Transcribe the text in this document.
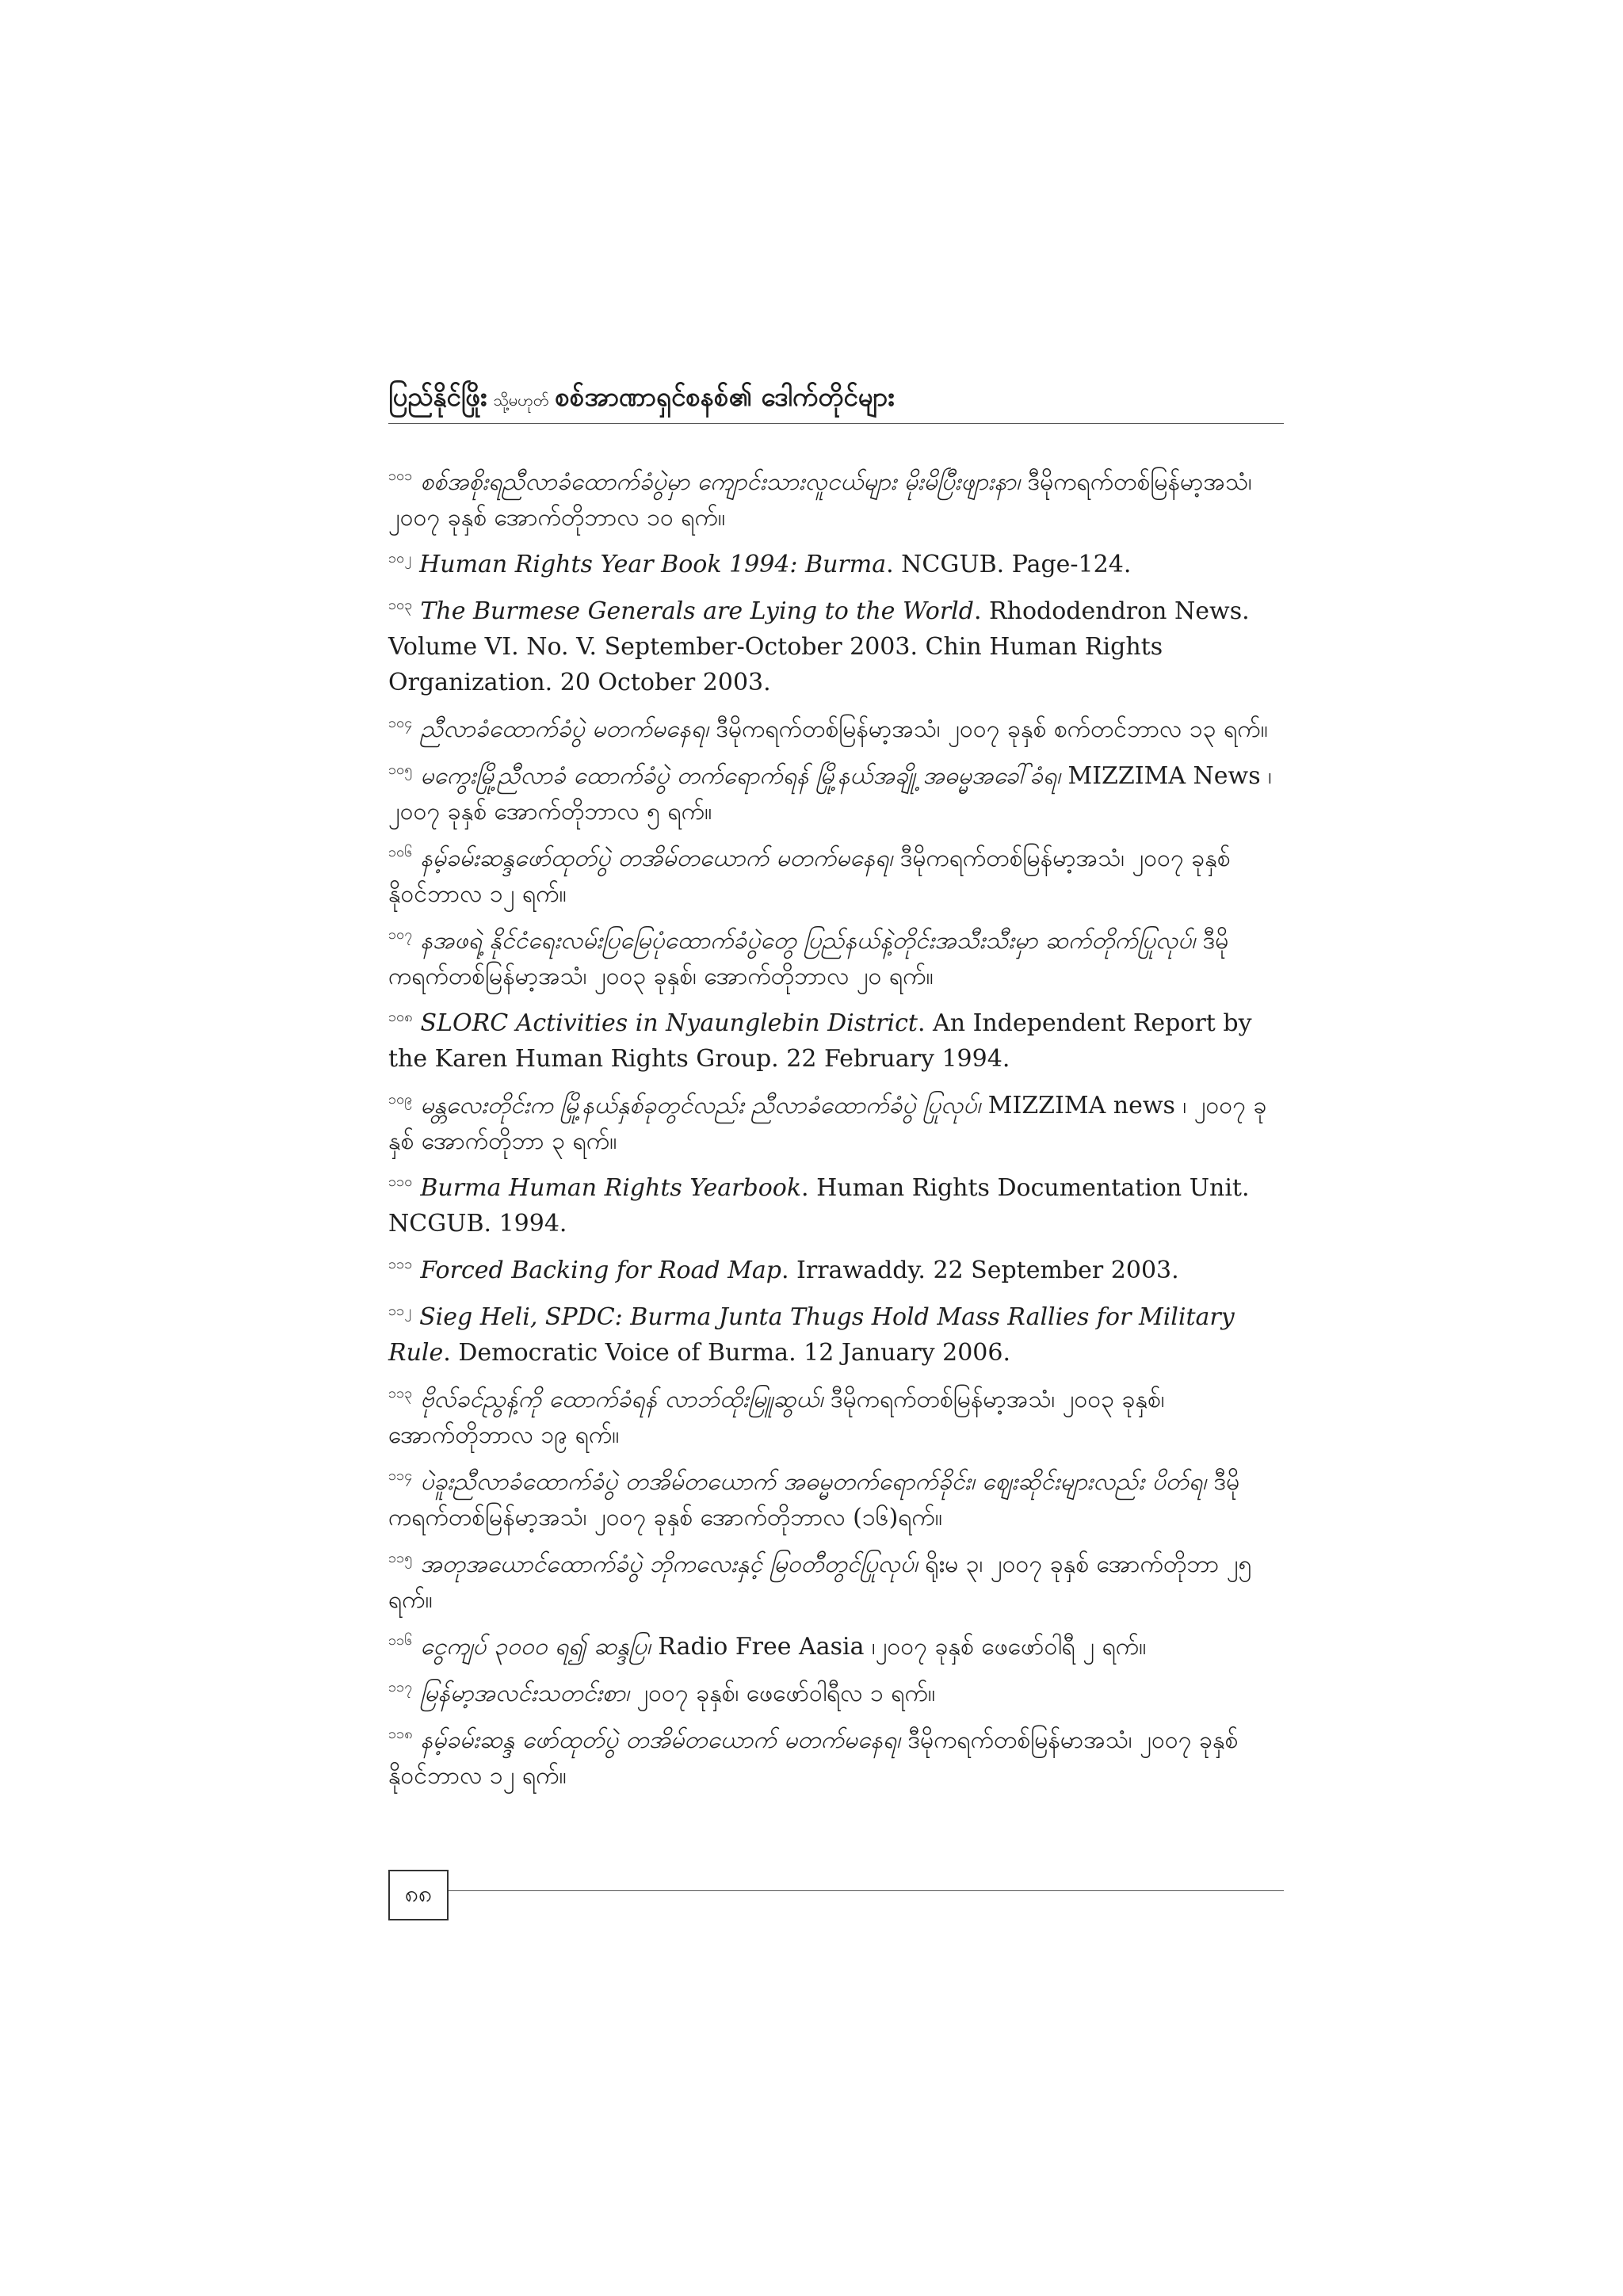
ပြည်နိုင်ဖြိုး သို့မဟုတ် စစ်အာဏာရှင်စနစ်၏ ဒေါက်တိုင်များ
$^{၁၀၁}$ စစ်အစိုးရညီလာခံထောက်ခံပွဲမှာ ကျောင်းသားလူငယ်များ မိုးမိပြီးဖျားနာ၊ ဒီမိုကရက်တစ်မြန်မာ့အသံ၊ ၂၀၀၇ ခုနှစ် အောက်တိုဘာလ ၁၀ ရက်။
$^{၁၀၂}$ Human Rights Year Book 1994: Burma. NCGUB. Page-124.
$^{၁၀၃}$ The Burmese Generals are Lying to the World. Rhododendron News. Volume VI. No. V. September-October 2003. Chin Human Rights Organization. 20 October 2003.
$^{၁၀၄}$ ညီလာခံထောက်ခံပွဲ မတက်မနေရ၊ ဒီမိုကရက်တစ်မြန်မာ့အသံ၊ ၂၀၀၇ ခုနှစ် စက်တင်ဘာလ ၁၃ ရက်။
$^{၁၀၅}$ မကွေးမြို့ညီလာခံ ထောက်ခံပွဲ တက်ရောက်ရန် မြို့နယ်အချို့ အဓမ္မအခေါ်ခံရ၊ MIZZIMA News ၊ ၂၀၀၇ ခုနှစ် အောက်တိုဘာလ ၅ ရက်။
$^{၁၀၆}$ နမ့်ခမ်းဆန္ဒဖော်ထုတ်ပွဲ တအိမ်တယောက် မတက်မနေရ၊ ဒီမိုကရက်တစ်မြန်မာ့အသံ၊ ၂၀၀၇ ခုနှစ် နိုဝင်ဘာလ ၁၂ ရက်။
$^{၁၀၇}$ နအဖရဲ့ နိုင်ငံရေးလမ်းပြမြေပုံထောက်ခံပွဲတွေ ပြည်နယ်နဲ့တိုင်းအသီးသီးမှာ ဆက်တိုက်ပြုလုပ်၊ ဒီမိုကရက်တစ်မြန်မာ့အသံ၊ ၂၀၀၃ ခုနှစ်၊ အောက်တိုဘာလ ၂၀ ရက်။
$^{၁၀၈}$ SLORC Activities in Nyaunglebin District. An Independent Report by the Karen Human Rights Group. 22 February 1994.
$^{၁၀၉}$ မန္တလေးတိုင်းက မြို့နယ်နှစ်ခုတွင်လည်း ညီလာခံထောက်ခံပွဲ ပြုလုပ်၊ MIZZIMA news ၊ ၂၀၀၇ ခုနှစ် အောက်တိုဘာ ၃ ရက်။
$^{၁၁၀}$ Burma Human Rights Yearbook. Human Rights Documentation Unit. NCGUB. 1994.
$^{၁၁၁}$ Forced Backing for Road Map. Irrawaddy. 22 September 2003.
$^{၁၁၂}$ Sieg Heli, SPDC: Burma Junta Thugs Hold Mass Rallies for Military Rule. Democratic Voice of Burma. 12 January 2006.
$^{၁၁၃}$ ဗိုလ်ခင်ညွန့်ကို ထောက်ခံရန် လာဘ်ထိုးမြူဆွယ်၊ ဒီမိုကရက်တစ်မြန်မာ့အသံ၊ ၂၀၀၃ ခုနှစ်၊ အောက်တိုဘာလ ၁၉ ရက်။
$^{၁၁၄}$ ပဲခူးညီလာခံထောက်ခံပွဲ တအိမ်တယောက် အဓမ္မတက်ရောက်ခိုင်း၊ ဈေးဆိုင်းများလည်း ပိတ်ရ၊ ဒီမိုကရက်တစ်မြန်မာ့အသံ၊ ၂၀၀၇ ခုနှစ် အောက်တိုဘာလ (၁၆)ရက်။
$^{၁၁၅}$ အတုအယောင်ထောက်ခံပွဲ ဘိုကလေးနှင့် မြဝတီတွင်ပြုလုပ်၊ ရိုးမ ၃၊ ၂၀၀၇ ခုနှစ် အောက်တိုဘာ ၂၅ ရက်။
$^{၁၁၆}$ ငွေကျပ် ၃၀၀၀ ရ၍ ဆန္ဒပြ၊ Radio Free Aasia ၊၂၀၀၇ ခုနှစ် ဖေဖော်ဝါရီ ၂ ရက်။
$^{၁၁၇}$ မြန်မာ့အလင်းသတင်းစာ၊ ၂၀၀၇ ခုနှစ်၊ ဖေဖော်ဝါရီလ ၁ ရက်။
$^{၁၁၈}$ နမ့်ခမ်းဆန္ဒ ဖော်ထုတ်ပွဲ တအိမ်တယောက် မတက်မနေရ၊ ဒီမိုကရက်တစ်မြန်မာအသံ၊ ၂၀၀၇ ခုနှစ် နိုဝင်ဘာလ ၁၂ ရက်။
၈၈
